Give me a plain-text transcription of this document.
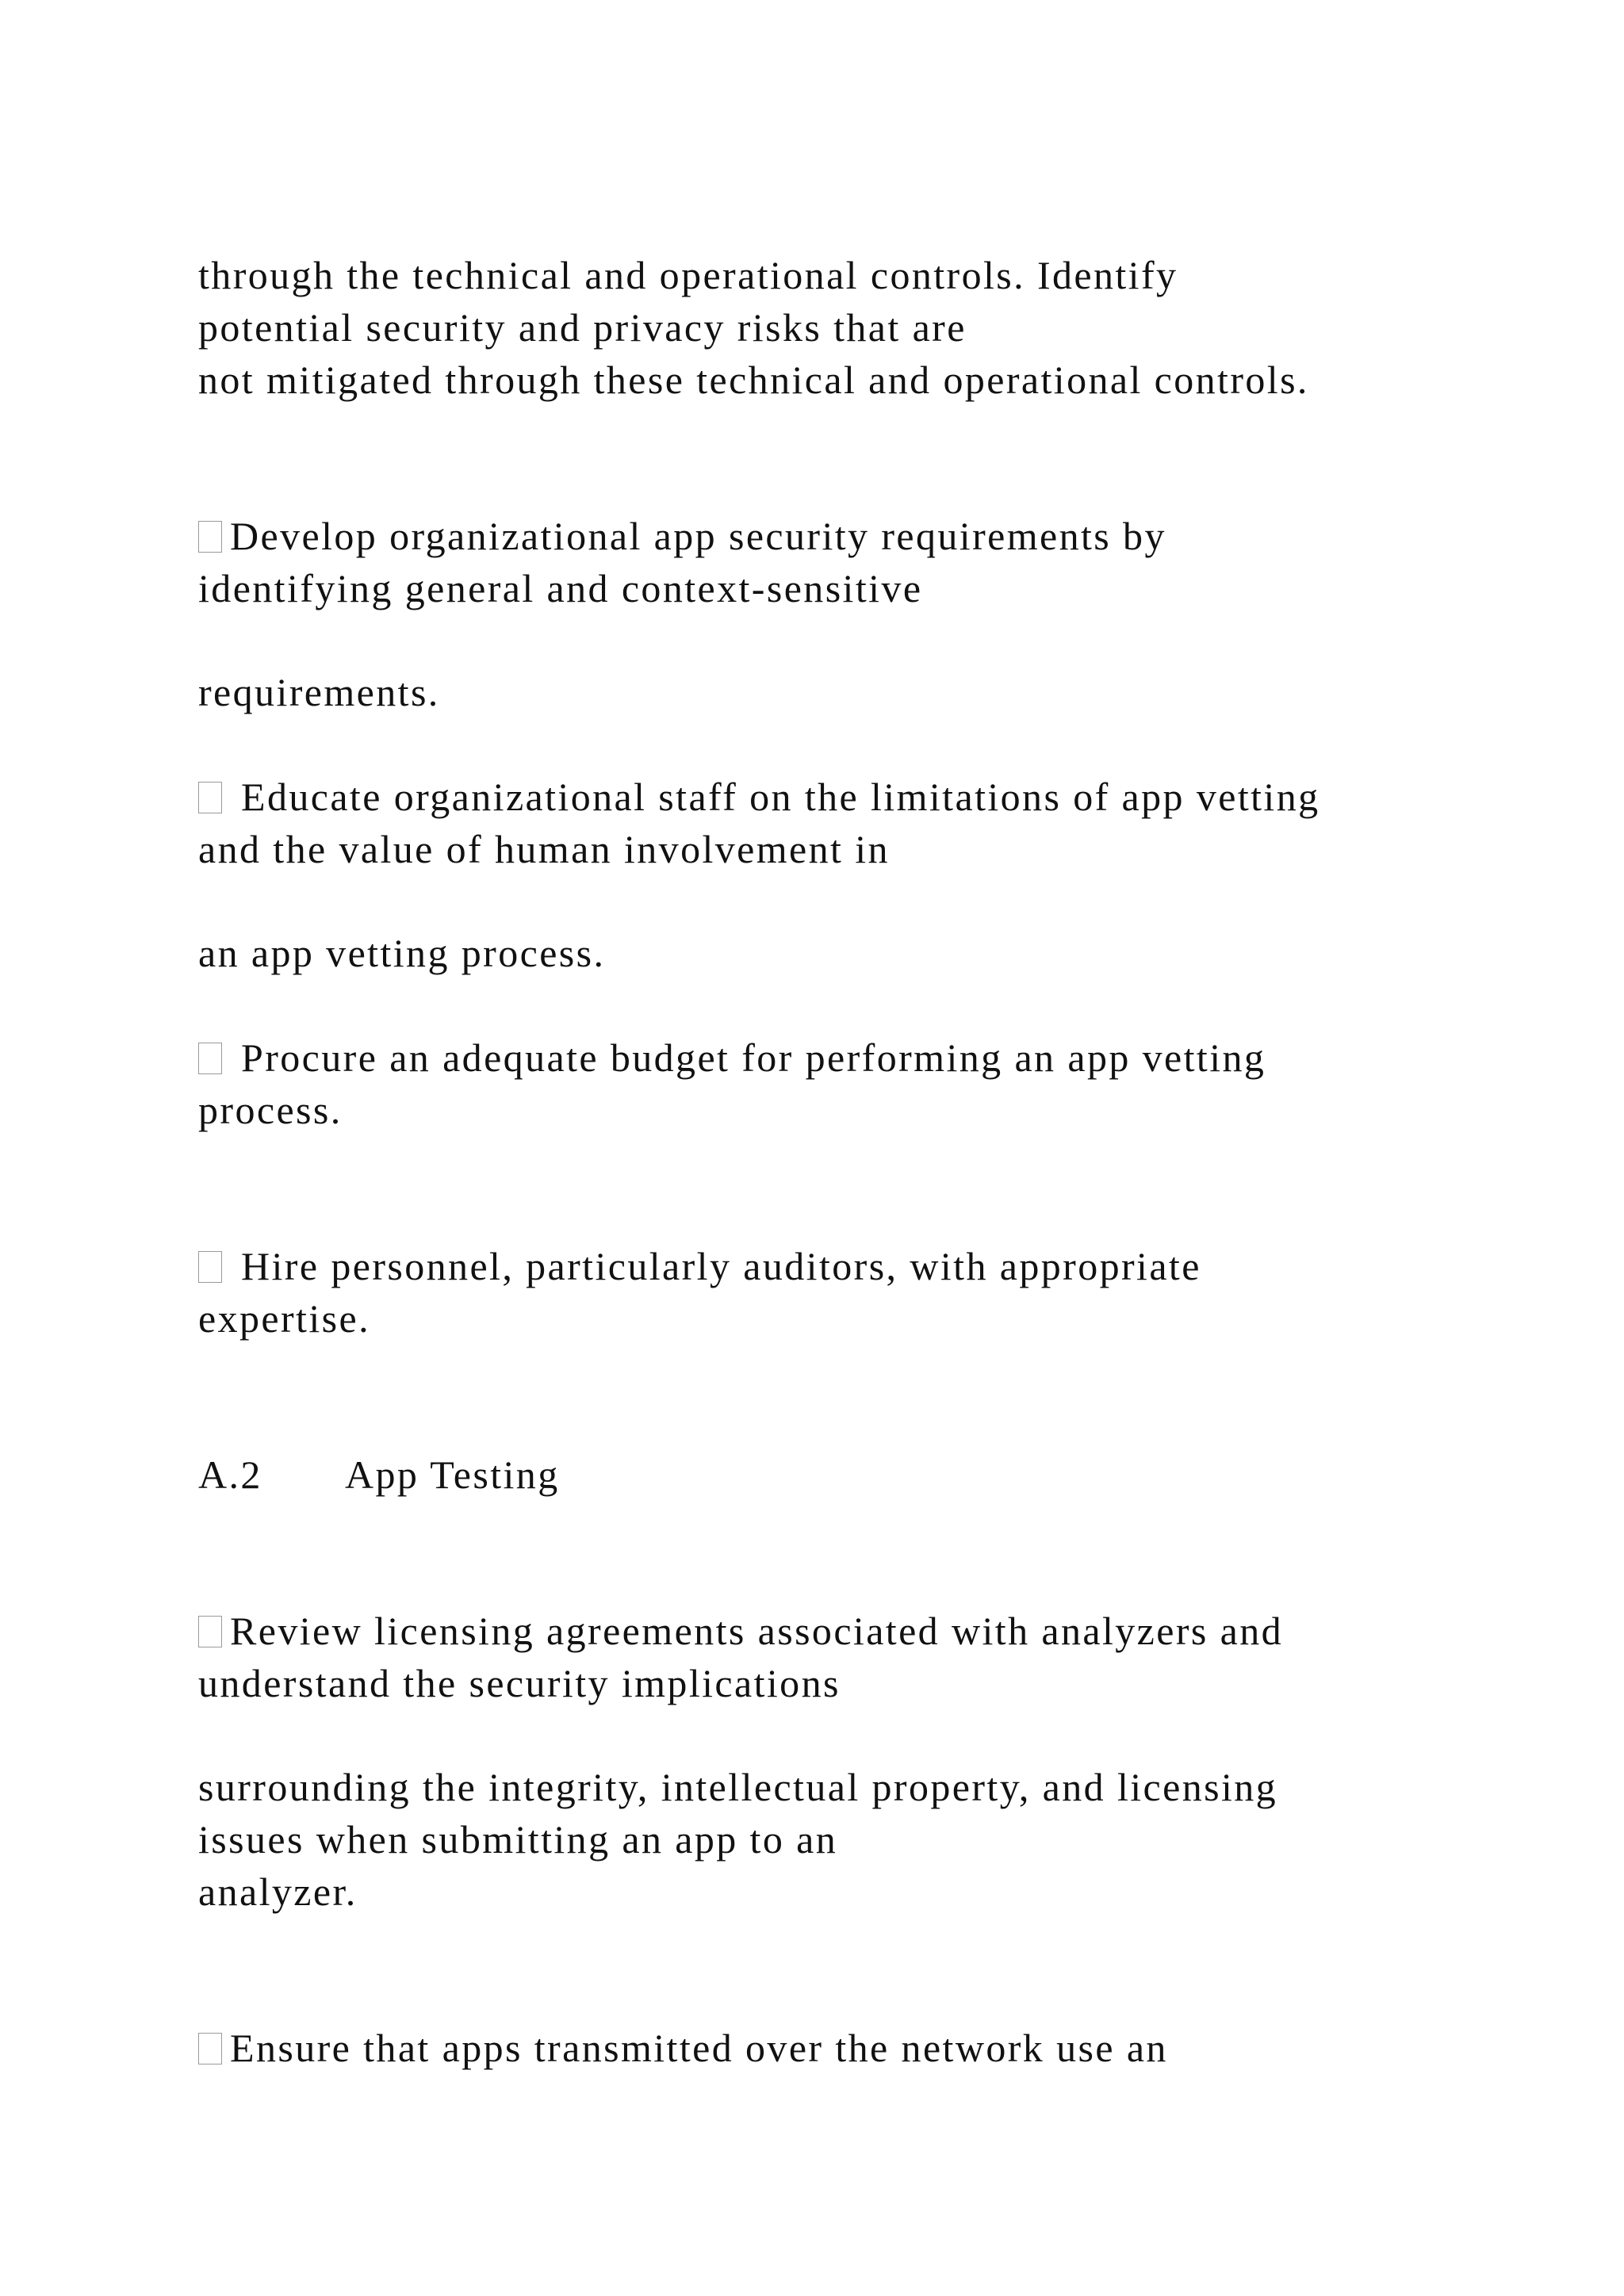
through the technical and operational controls. Identify
potential security and privacy risks that are
not mitigated through these technical and operational controls.
Develop organizational app security requirements by
identifying general and context-sensitive
requirements.
Educate organizational staff on the limitations of app vetting
and the value of human involvement in
an app vetting process.
Procure an adequate budget for performing an app vetting
process.
Hire personnel, particularly auditors, with appropriate
expertise.
A.2 App Testing
Review licensing agreements associated with analyzers and
understand the security implications
surrounding the integrity, intellectual property, and licensing
issues when submitting an app to an
analyzer.
Ensure that apps transmitted over the network use an
